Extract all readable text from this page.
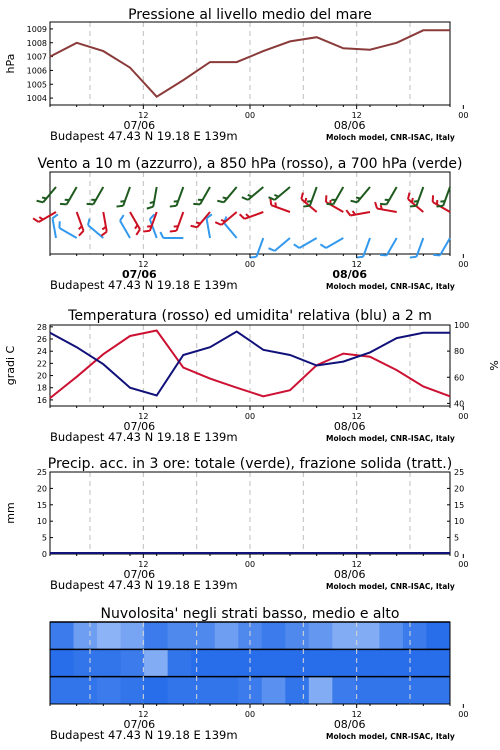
Pressione al livello medio del mare
1004
1005
1006
1007
1008
1009
hPa
12	00	12	00
07/06	08/06
Budapest 47.43 N 19.18 E 139m	Moloch model, CNR-ISAC, Italy
Vento a 10 m (azzurro), a 850 hPa (rosso), a 700 hPa (verde)
12	00	12	00
07/06	08/06
Budapest 47.43 N 19.18 E 139m	Moloch model, CNR-ISAC, Italy
Temperatura (rosso) ed umidita' relativa (blu) a 2 m
16
18
20
22
24
26
28
40
60
80
100
gradi C	%
12	00	12	00
07/06	08/06
Budapest 47.43 N 19.18 E 139m	Moloch model, CNR-ISAC, Italy
Precip. acc. in 3 ore: totale (verde), frazione solida (tratt.)
0
5
10
15
20
25
0
5
10
15
20
25
mm
12	00	12	00
07/06	08/06
Budapest 47.43 N 19.18 E 139m	Moloch model, CNR-ISAC, Italy
Nuvolosita' negli strati basso, medio e alto
12	00	12	00
07/06	08/06
Budapest 47.43 N 19.18 E 139m	Moloch model, CNR-ISAC, Italy
